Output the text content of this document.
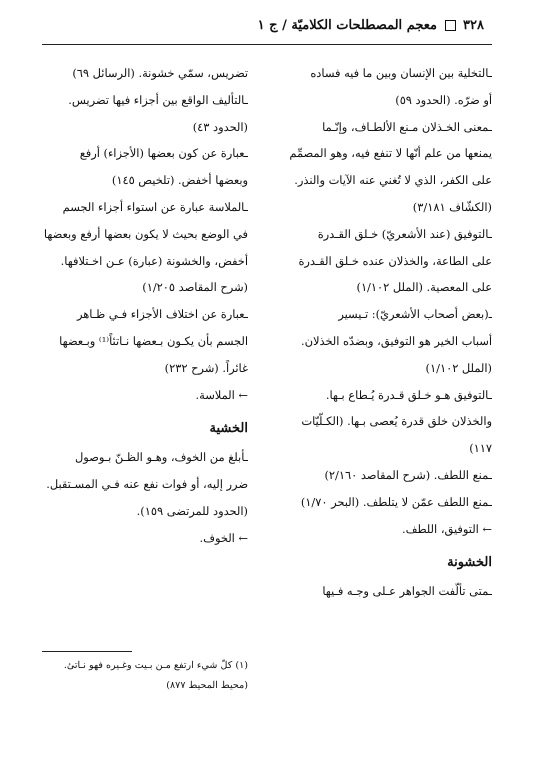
٣٢٨  معجم المصطلحات الكلاميّة / ج ١
ـالتخلية بين الإنسان وبين ما فيه فساده
أو ضرّه. (الحدود ٥٩)
ـمعنى الخـذلان مـنع الألطـاف، وإنّـما
يمنعها من علم أنّها لا تنفع فيه، وهو المصمِّم
على الكفر، الذي لا تُغني عنه الآيات والنذر.
(الكشّاف ٣/١٨١)
ـالتوفيق (عند الأشعريّ) خـلق القـدرة
على الطاعة، والخذلان عنده خـلق القـدرة
على المعصية. (الملل ١/١٠٢)
ـ(بعض أصحاب الأشعريّ): تـيسير
أسباب الخير هو التوفيق، وبضدّه الخذلان.
(الملل ١/١٠٢)
ـالتوفيق هـو خـلق قـدرة يُـطاع بـها.
والخذلان خلق قدرة يُعصى بـها. (الكـلّيّات
١١٧)
ـمنع اللطف. (شرح المقاصد ٢/١٦٠)
ـمنع اللطف عمّن لا يتلطف. (البحر ١/٧٠)
← التوفيق، اللطف.
الخشونة
ـمتى تألّفت الجواهر عـلى وجـه فـيها
تضريس، سمّي خشونة. (الرسائل ٦٩)
ـالتأليف الواقع بين أجزاء فيها تضريس.
(الحدود ٤٣)
ـعبارة عن كون بعضها (الأجزاء) أرفع
وبعضها أخفض. (تلخيص ١٤٥)
ـالملاسة عبارة عن استواء أجزاء الجسم
في الوضع بحيث لا يكون بعضها أرفع وبعضها
أخفض، والخشونة (عبارة) عـن اخـتلافها.
(شرح المقاصد ١/٢٠٥)
ـعبارة عن اختلاف الأجزاء فـي ظـاهر
الجسم بأن يكـون بـعضها نـاتئاً⁽¹⁾ وبـعضها
غائراً. (شرح ٢٣٢)
← الملاسة.
الخشية
ـأبلغ من الخوف، وهـو الظـنّ بـوصول
ضرر إليه، أو فوات نفع عنه فـي المسـتقبل.
(الحدود للمرتضى ١٥٩).
← الخوف.
(١) كلّ شيء ارتفع مـن بـيت وغـيره فهو نـاتئ.
(محيط المحيط ٨٧٧)
